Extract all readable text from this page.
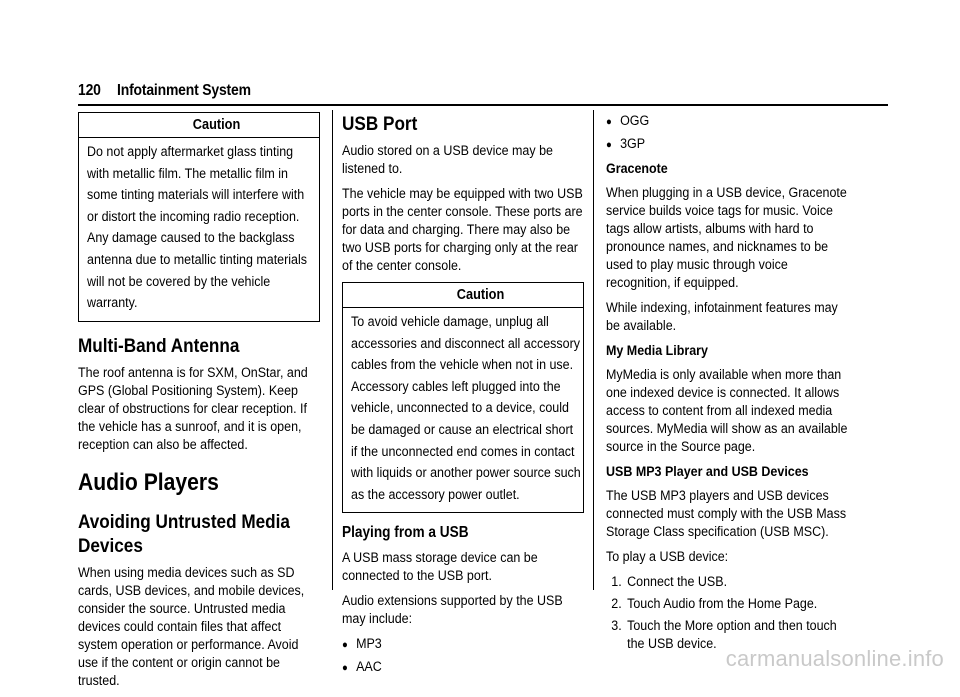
120 Infotainment System
Caution
Do not apply aftermarket glass tinting with metallic film. The metallic film in some tinting materials will interfere with or distort the incoming radio reception. Any damage caused to the backglass antenna due to metallic tinting materials will not be covered by the vehicle warranty.
Multi-Band Antenna

The roof antenna is for SXM, OnStar, and GPS (Global Positioning System). Keep clear of obstructions for clear reception. If the vehicle has a sunroof, and it is open, reception can also be affected.

Audio Players
Avoiding Untrusted Media Devices

When using media devices such as SD cards, USB devices, and mobile devices, consider the source. Untrusted media devices could contain files that affect system operation or performance. Avoid use if the content or origin cannot be trusted.

USB Port

Audio stored on a USB device may be listened to.

The vehicle may be equipped with two USB ports in the center console. These ports are for data and charging. There may also be two USB ports for charging only at the rear of the center console.

Caution
To avoid vehicle damage, unplug all accessories and disconnect all accessory cables from the vehicle when not in use. Accessory cables left plugged into the vehicle, unconnected to a device, could be damaged or cause an electrical short if the unconnected end comes in contact with liquids or another power source such as the accessory power outlet.
Playing from a USB

A USB mass storage device can be connected to the USB port.

Audio extensions supported by the USB may include:

● MP3
● AAC
● OGG
● 3GP
Gracenote

When plugging in a USB device, Gracenote service builds voice tags for music. Voice tags allow artists, albums with hard to pronounce names, and nicknames to be used to play music through voice recognition, if equipped.

While indexing, infotainment features may be available.

My Media Library

MyMedia is only available when more than one indexed device is connected. It allows access to content from all indexed media sources. MyMedia will show as an available source in the Source page.

USB MP3 Player and USB Devices

The USB MP3 players and USB devices connected must comply with the USB Mass Storage Class specification (USB MSC).

To play a USB device:

1. Connect the USB.
2. Touch Audio from the Home Page.
3. Touch the More option and then touch the USB device.
carmanualsonline.info
